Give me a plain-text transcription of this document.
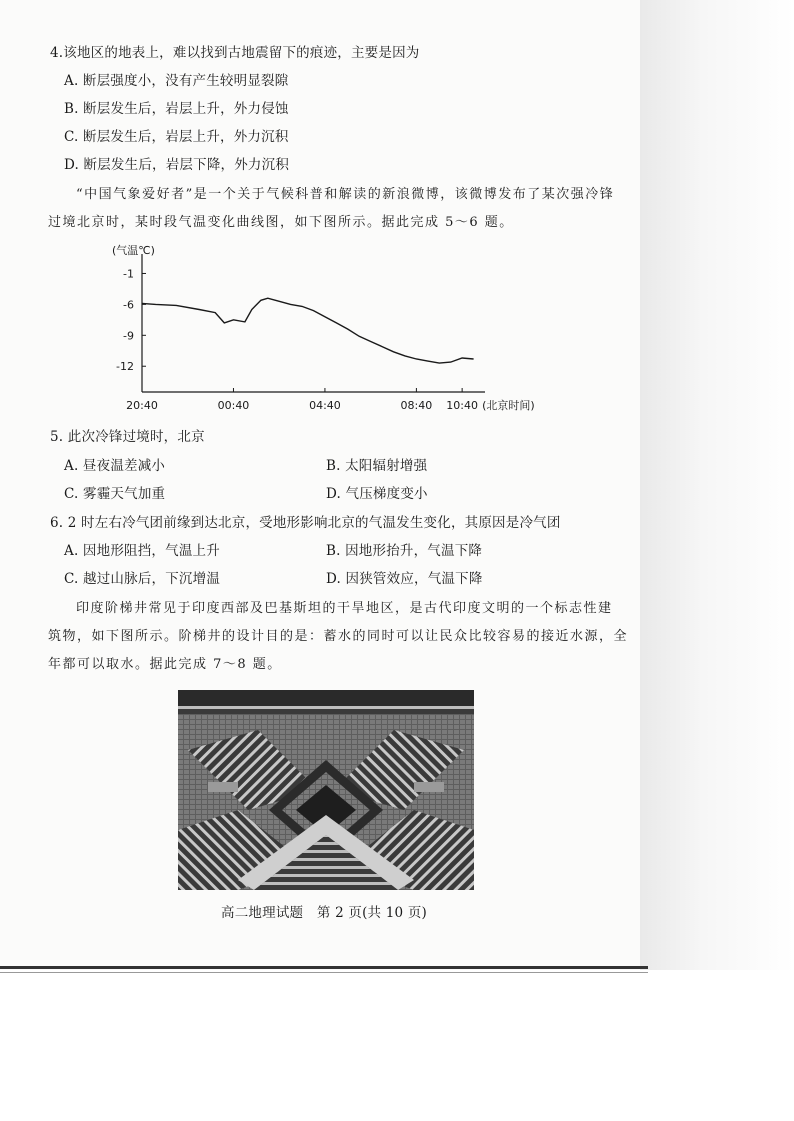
4.该地区的地表上，难以找到古地震留下的痕迹，主要是因为
A. 断层强度小，没有产生较明显裂隙
B. 断层发生后，岩层上升，外力侵蚀
C. 断层发生后，岩层上升，外力沉积
D. 断层发生后，岩层下降，外力沉积
“中国气象爱好者”是一个关于气候科普和解读的新浪微博，该微博发布了某次强冷锋
过境北京时，某时段气温变化曲线图，如下图所示。据此完成 5～6 题。
(气温℃)
-1
-6
-9
-12
20:40	00:40	04:40	08:40 10:40 (北京时间)
5. 此次冷锋过境时，北京
A. 昼夜温差减小	B. 太阳辐射增强
C. 雾霾天气加重	D. 气压梯度变小
6. 2 时左右冷气团前缘到达北京，受地形影响北京的气温发生变化，其原因是冷气团
A. 因地形阻挡，气温上升	B. 因地形抬升，气温下降
C. 越过山脉后，下沉增温	D. 因狭管效应，气温下降
印度阶梯井常见于印度西部及巴基斯坦的干旱地区，是古代印度文明的一个标志性建
筑物，如下图所示。阶梯井的设计目的是：蓄水的同时可以让民众比较容易的接近水源，全
年都可以取水。据此完成 7～8 题。
高二地理试题　第 2 页(共 10 页)
